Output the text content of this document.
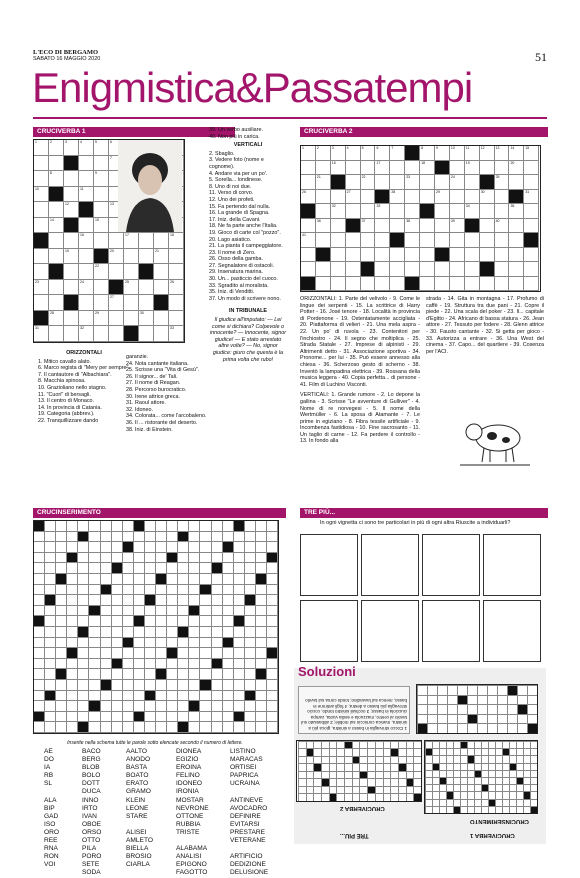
L'ECO DI BERGAMO
SABATO 16 MAGGIO 2020	51
Enigmistica&Passatempi
CRUCIVERBA 1
1	2	3	4	5	6
7
8	9
10	11
12	13
14	15
16	17	18
19	20	21
22
23	24	25	26
27
28	29	30
31	32	33

ORIZZONTALI

1. Mitico cavallo alato.

6. Marco regista di "Mery per sempre".

7. Il cantautore di "Albachiara".

8. Macchia spinosa.

10. Grazioliano nello stagno.

11. "Cuori" di bersagli.

13. Il centro di Monaco.

14. In provincia di Catania.

19. Categoria (abbrev.).

22. Tranquillizzare dando

garanzie.

24. Nota cantante italiana.

25. Scrisse una "Vita di Gesù".

26. Il signor... de' Tali.

27. Il nome di Reagan.

28. Percorso burocratico.

30. Irene attrice greca.

31. Raoul attore.

32. Idoneo.

34. Colorata... come l'arcobaleno.

36. Il ... ristorante del deserto.

38. Iniz. di Einstein.

39. Un verbo ausiliare.

40. Non più in carica.

VERTICALI

2. Sbaglio.

3. Vedere foto (nome e cognome).

4. Andare via per un po'.

5. Sorella... londinese.

8. Uno di noi due.

11. Verso di corvo.

12. Uno dei profeti.

15. Fa pertendo dal nulla.

16. La grande di Spagna.

17. Iniz. della Cavani.

18. Ne fa parte anche l'Italia.

19. Gioco di carte col "pozzo".

20. Lago asiatico.

21. La pianta il campeggiatore.

23. Il nome di Zero.

26. Osso della gamba.

27. Segnalatore di ostacoli.

29. Insenatura marina.

30. Un... pasticcio del cuoco.

33. Sgradito al moralista.

35. Iniz. di Venditti.

37. Un modo di scrivere nono.

IN TRIBUNALE

Il giudice all'imputato: — Lei come si dichiara? Colpevole o innocente? — Innocente, signor giudice! — E stato arrestato altre volte? — No, signor giudice: giuro che questa è la prima volta che rubo!

CRUCIVERBA 2
1	2	3	4	5	6	7	8	9	10	11	12	13	14	15
16	17	18	19	20
21	22	23	24	25
26	27	28	29	30	31
32	33	34	35
36	37	38	39	40
41

ORIZZONTALI: 1. Parte del velivolo - 9. Come le lingue dei serpenti - 15. La scrittrice di Harry Potter - 16. José tenore - 18. Località in provincia di Pordenone - 19. Ostentatamente accigliata - 20. Piattaforma di velieri - 21. Una mela aspra - 22. Un po' di ruvola - 23. Contenitori per l'inchiostro - 24. Il segno che moltiplica - 25. Strada Statale - 27. Imprese di alpinisti - 29. Altrimenti detto - 31. Associazione sportiva - 34. Pronome... per lui - 35. Può essere annesso alla chiesa - 36. Scherzoso gesto di scherno - 38. Inventò la lampadina elettrica - 39. Rossana della musica leggera - 40. Copia perfetta... di persone - 41. Film di Luchino Visconti.

VERTICALI: 1. Grande rumore - 2. Lo depone la gallina - 3. Scrisse "Le avventure di Gulliver" - 4. Nome di re norvegesi - 5. Il nome della Wertmüller - 6. La sposa di Atamante - 7. Le prime in egiziano - 8. Fibra tessile artificiale - 9. Incombenza fastidiosa - 10. Fine sacrosanto - 11. Un taglio di carne - 12. Fa perdere il controllo - 13. In fondo alla

strada - 14. Gita in montagna - 17. Profumo di caffè - 19. Struttura tra due pani - 21. Copre il piede - 22. Una scala del poker - 23. Il... capitale d'Egitto - 24. Africano di bassa statura - 26. Jean attore - 27. Tessuto per fodere - 28. Glenn attrice - 30. Fausto cantante - 32. Si getta per gioco - 33. Autorizza a entrare - 36. Una West del cinema - 37. Capo... del quartiere - 39. Cosenza per l'ACI.

CRUCINSERIMENTO
Inserite nella schema tutte le parole sotto elencate secondo il numero di lettere.
AE
DO
IA
RB
SL

ALA
BIP
GAD
ISO
ORO
REE
RNA
RON
VOI
BACO
BERG
BLOB
BOLO
DOTT
DUCA
INNO
IRTO
IVAN
OBOE
ORSO
OTTO
PILA
PORO
SETE
SODA
AALTO
ANODO
BASTA
BOATO
ERATO
GRAMO
KLEIN
LEONE
STARE

ALISEI
AMLETO
BIELLA
BROSIO
CIARLA
DIONEA
EGIZIO
EROINA
FELINO
IDONEO
IRONIA
MOSTAR
NEVRONE
OTTONE
RUBBIA
TRISTE

ALABAMA
ANALISI
EPIGONO
FAGOTTO
LISTINO
MARACAS
ORTISEI
PAPRICA
UCRAINA

ANTINEVE
AVOCADRO
DEFINIRE
EVITARSI
PRESTARE
VETERANE

ARTIFICIO
DEDIZIONE
DELUSIONE
TRE PIÙ...
In ogni vignetta ci sono tre particolari in più di ogni altra Riuscite a individuarli?
Soluzioni
1 Cocco strovaglia in basso a sinistra, gioca più a sinistra, manica corniccio sul mobile; 2 abbassato sul tavolo al centro, mazzuola e sedia vuota, zampa ciucciola in basso; 3 occhiali sinistro tondo, coccio strovaglia più basso a destra; 4 fogli antirone in basso, menca sul lavandino; tondo corsa sul tavolo
CRUCIVERBA 2
CRUCINSERIMENTO
CRUCIVERBA 1
TRE PIÙ...
